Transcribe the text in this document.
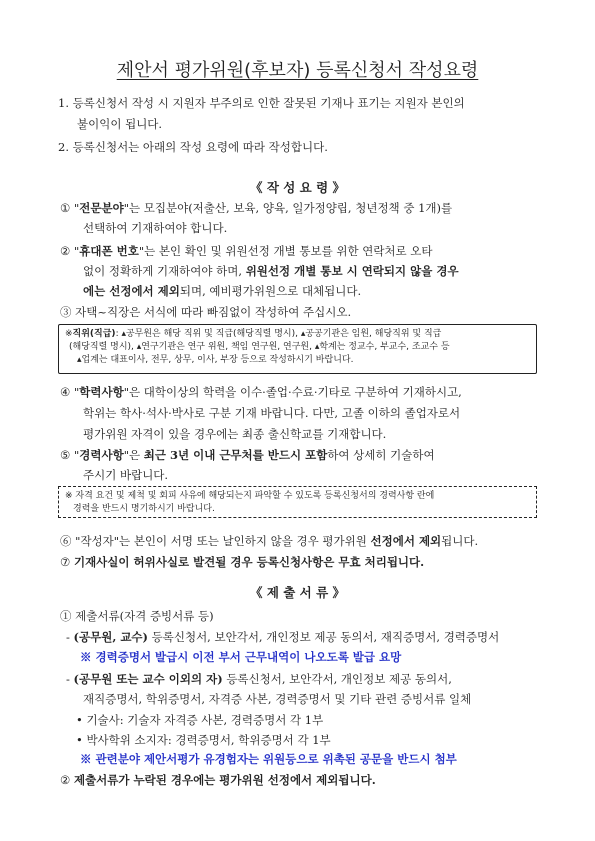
제안서 평가위원(후보자) 등록신청서 작성요령
1. 등록신청서 작성 시 지원자 부주의로 인한 잘못된 기재나 표기는 지원자 본인의
불이익이 됩니다.
2. 등록신청서는 아래의 작성 요령에 따라 작성합니다.
《 작 성 요 령 》
① "전문분야"는 모집분야(저출산, 보육, 양육, 일가정양립, 청년정책 중 1개)를
선택하여 기재하여야 합니다.
② "휴대폰 번호"는 본인 확인 및 위원선정 개별 통보를 위한 연락처로 오타
없이 정확하게 기재하여야 하며, 위원선정 개별 통보 시 연락되지 않을 경우
에는 선정에서 제외되며, 예비평가위원으로 대체됩니다.
③ 자택~직장은 서식에 따라 빠짐없이 작성하여 주십시오.
※직위(직급): ▴공무원은 해당 직위 및 직급(해당직렬 명시), ▴공공기관은 임원, 해당직위 및 직급
(해당직렬 명시), ▴연구기관은 연구 위원, 책임 연구원, 연구원, ▴학계는 정교수, 부교수, 조교수 등
▴업계는 대표이사, 전무, 상무, 이사, 부장 등으로 작성하시기 바랍니다.
④ "학력사항"은 대학이상의 학력을 이수·졸업·수료·기타로 구분하여 기재하시고,
학위는 학사·석사·박사로 구분 기재 바랍니다. 다만, 고졸 이하의 졸업자로서
평가위원 자격이 있을 경우에는 최종 출신학교를 기재합니다.
⑤ "경력사항"은 최근 3년 이내 근무처를 반드시 포함하여 상세히 기술하여
주시기 바랍니다.
※ 자격 요건 및 제척 및 회피 사유에 해당되는지 파악할 수 있도록 등록신청서의 경력사항 란에
경력을 반드시 명기하시기 바랍니다.
⑥ "작성자"는 본인이 서명 또는 날인하지 않을 경우 평가위원 선정에서 제외됩니다.
⑦ 기재사실이 허위사실로 발견될 경우 등록신청사항은 무효 처리됩니다.
《 제 출 서 류 》
① 제출서류(자격 증빙서류 등)
- (공무원, 교수) 등록신청서, 보안각서, 개인정보 제공 동의서, 재직증명서, 경력증명서
※ 경력증명서 발급시 이전 부서 근무내역이 나오도록 발급 요망
- (공무원 또는 교수 이외의 자) 등록신청서, 보안각서, 개인정보 제공 동의서,
재직증명서, 학위증명서, 자격증 사본, 경력증명서 및 기타 관련 증빙서류 일체
• 기술사: 기술자 자격증 사본, 경력증명서 각 1부
• 박사학위 소지자: 경력증명서, 학위증명서 각 1부
※ 관련분야 제안서평가 유경험자는 위원등으로 위촉된 공문을 반드시 첨부
② 제출서류가 누락된 경우에는 평가위원 선정에서 제외됩니다.
